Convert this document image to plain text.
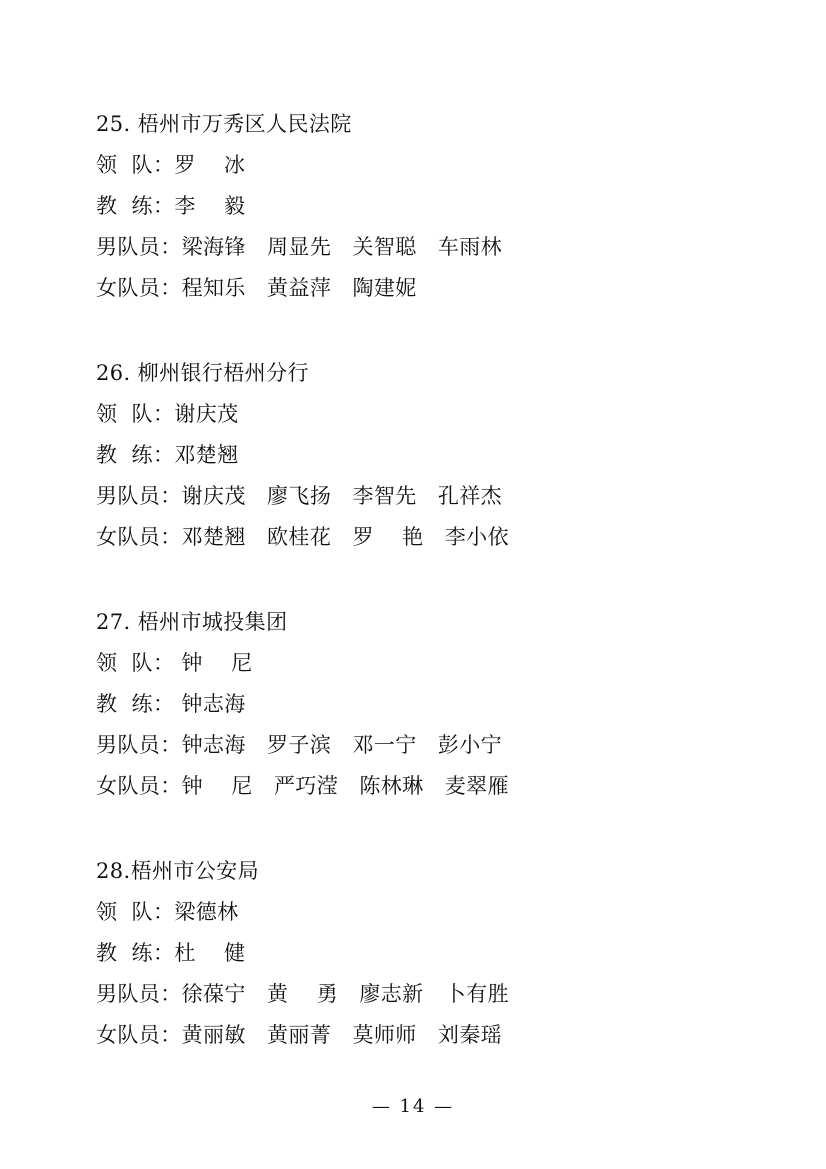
25. 梧州市万秀区人民法院
领  队：罗    冰
教  练：李    毅
男队员：梁海锋   周显先   关智聪   车雨林
女队员：程知乐   黄益萍   陶建妮
26. 柳州银行梧州分行
领  队：谢庆茂
教  练：邓楚翘
男队员：谢庆茂   廖飞扬   李智先   孔祥杰
女队员：邓楚翘   欧桂花   罗    艳   李小依
27. 梧州市城投集团
领  队： 钟    尼
教  练： 钟志海
男队员：钟志海   罗子滨   邓一宁   彭小宁
女队员：钟    尼   严巧滢   陈林琳   麦翠雁
28.梧州市公安局
领  队：梁德林
教  练：杜    健
男队员：徐葆宁   黄    勇   廖志新   卜有胜
女队员：黄丽敏   黄丽菁   莫师师   刘秦瑶
— 14 —
